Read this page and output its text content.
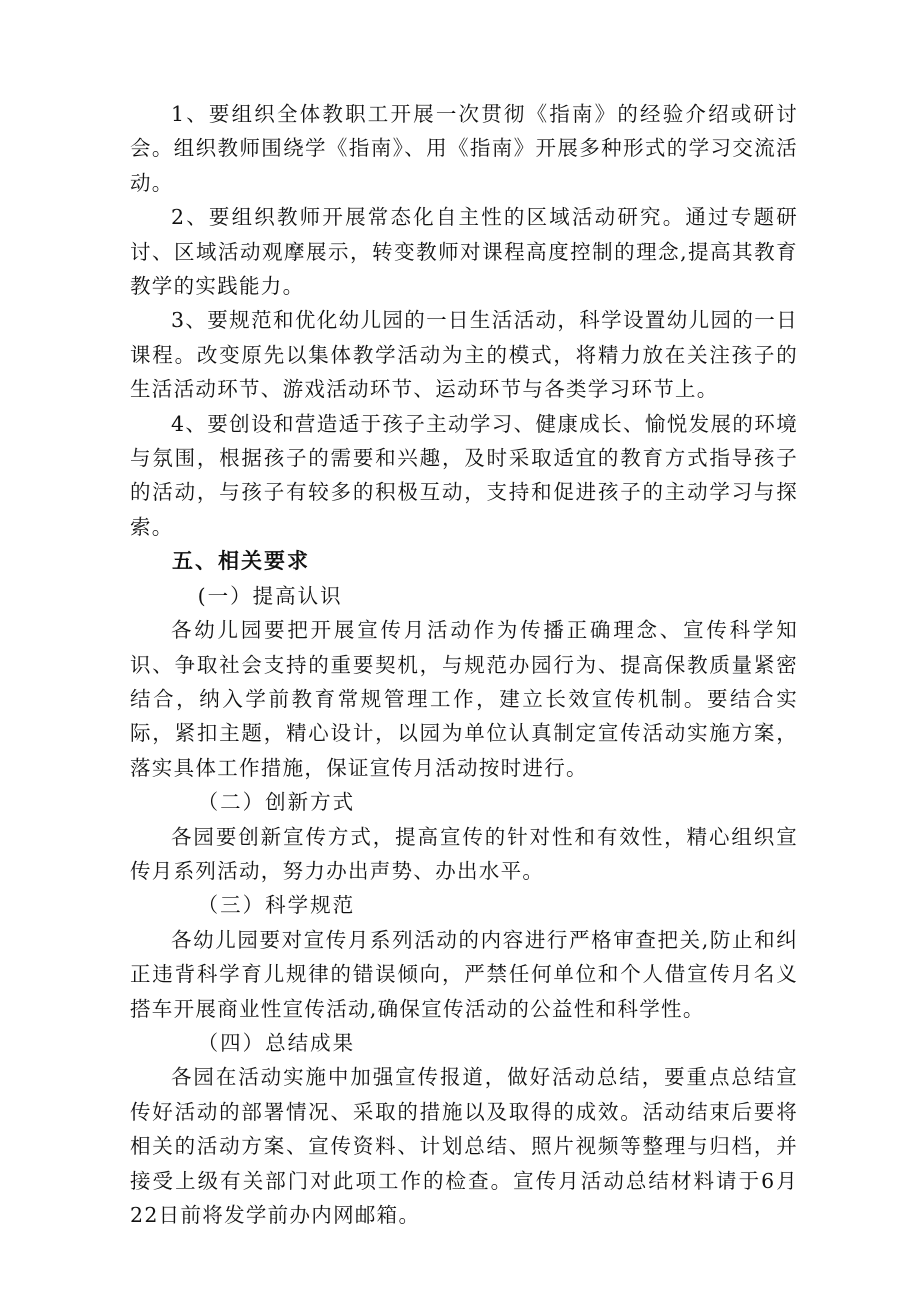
1、要组织全体教职工开展一次贯彻《指南》的经验介绍或研讨会。组织教师围绕学《指南》、用《指南》开展多种形式的学习交流活动。

2、要组织教师开展常态化自主性的区域活动研究。通过专题研讨、区域活动观摩展示，转变教师对课程高度控制的理念,提高其教育教学的实践能力。

3、要规范和优化幼儿园的一日生活活动，科学设置幼儿园的一日课程。改变原先以集体教学活动为主的模式，将精力放在关注孩子的生活活动环节、游戏活动环节、运动环节与各类学习环节上。

4、要创设和营造适于孩子主动学习、健康成长、愉悦发展的环境与氛围，根据孩子的需要和兴趣，及时采取适宜的教育方式指导孩子的活动，与孩子有较多的积极互动，支持和促进孩子的主动学习与探索。

五、相关要求

(一）提高认识

各幼儿园要把开展宣传月活动作为传播正确理念、宣传科学知识、争取社会支持的重要契机，与规范办园行为、提高保教质量紧密结合，纳入学前教育常规管理工作，建立长效宣传机制。要结合实际，紧扣主题，精心设计，以园为单位认真制定宣传活动实施方案，落实具体工作措施，保证宣传月活动按时进行。

（二）创新方式

各园要创新宣传方式，提高宣传的针对性和有效性，精心组织宣传月系列活动，努力办出声势、办出水平。

（三）科学规范

各幼儿园要对宣传月系列活动的内容进行严格审查把关,防止和纠正违背科学育儿规律的错误倾向，严禁任何单位和个人借宣传月名义搭车开展商业性宣传活动,确保宣传活动的公益性和科学性。

（四）总结成果

各园在活动实施中加强宣传报道，做好活动总结，要重点总结宣传好活动的部署情况、采取的措施以及取得的成效。活动结束后要将相关的活动方案、宣传资料、计划总结、照片视频等整理与归档，并接受上级有关部门对此项工作的检查。宣传月活动总结材料请于6月22日前将发学前办内网邮箱。
